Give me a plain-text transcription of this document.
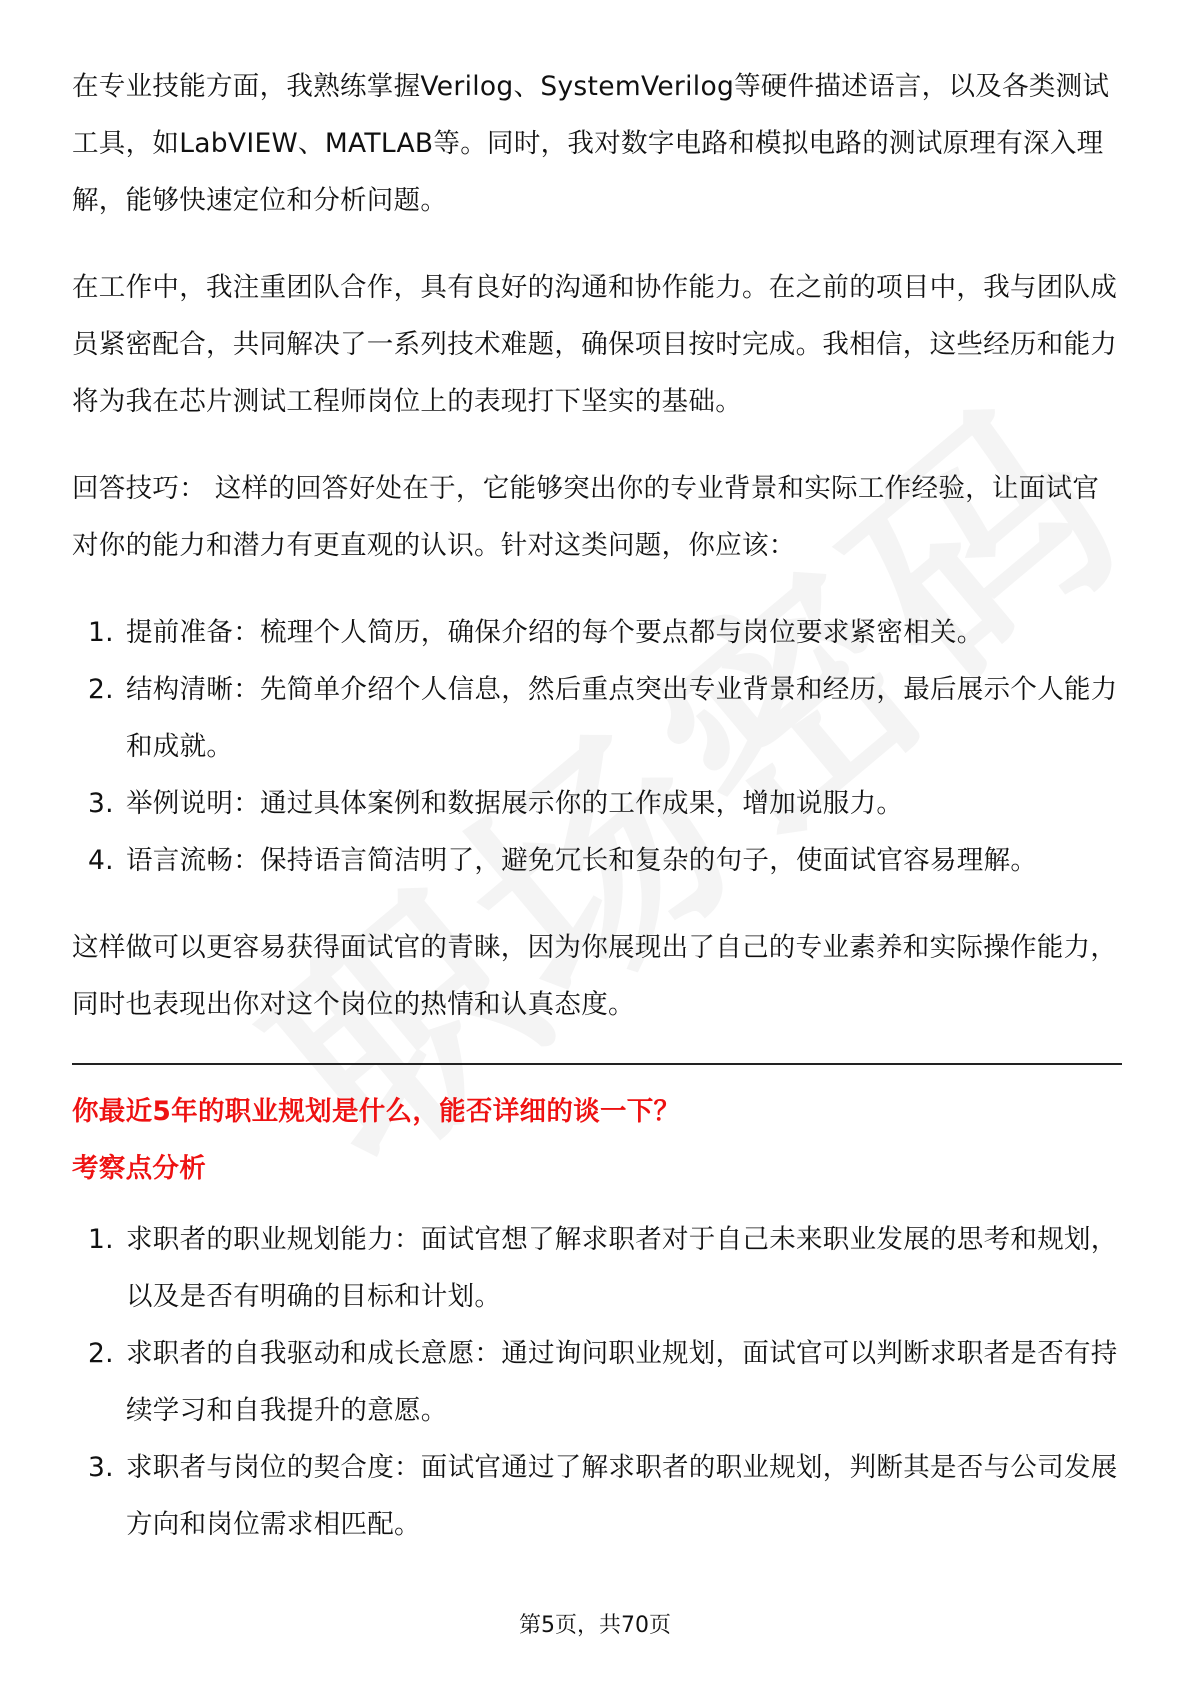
在专业技能方面，我熟练掌握Verilog、SystemVerilog等硬件描述语言，以及各类测试工具，如LabVIEW、MATLAB等。同时，我对数字电路和模拟电路的测试原理有深入理解，能够快速定位和分析问题。

在工作中，我注重团队合作，具有良好的沟通和协作能力。在之前的项目中，我与团队成员紧密配合，共同解决了一系列技术难题，确保项目按时完成。我相信，这些经历和能力将为我在芯片测试工程师岗位上的表现打下坚实的基础。

回答技巧： 这样的回答好处在于，它能够突出你的专业背景和实际工作经验，让面试官对你的能力和潜力有更直观的认识。针对这类问题，你应该：

1. 提前准备：梳理个人简历，确保介绍的每个要点都与岗位要求紧密相关。
2. 结构清晰：先简单介绍个人信息，然后重点突出专业背景和经历，最后展示个人能力和成就。
3. 举例说明：通过具体案例和数据展示你的工作成果，增加说服力。
4. 语言流畅：保持语言简洁明了，避免冗长和复杂的句子，使面试官容易理解。

这样做可以更容易获得面试官的青睐，因为你展现出了自己的专业素养和实际操作能力，同时也表现出你对这个岗位的热情和认真态度。

你最近5年的职业规划是什么，能否详细的谈一下？
考察点分析
1. 求职者的职业规划能力：面试官想了解求职者对于自己未来职业发展的思考和规划，以及是否有明确的目标和计划。
2. 求职者的自我驱动和成长意愿：通过询问职业规划，面试官可以判断求职者是否有持续学习和自我提升的意愿。
3. 求职者与岗位的契合度：面试官通过了解求职者的职业规划，判断其是否与公司发展方向和岗位需求相匹配。
第5页，共70页
